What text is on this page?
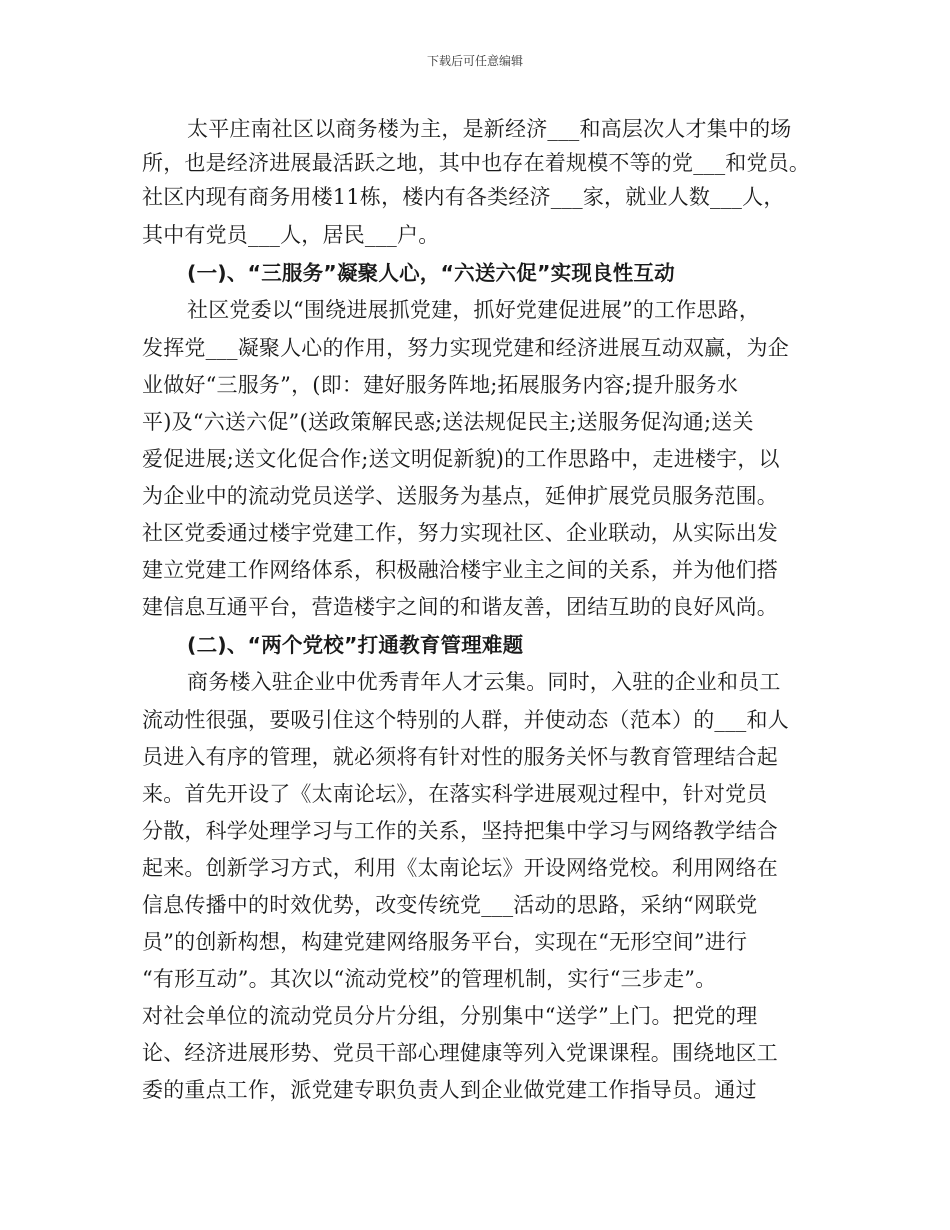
下载后可任意编辑
太平庄南社区以商务楼为主，是新经济___和高层次人才集中的场
所，也是经济进展最活跃之地，其中也存在着规模不等的党___和党员。
社区内现有商务用楼11栋，楼内有各类经济___家，就业人数___人，
其中有党员___人，居民___户。
(一)、“三服务”凝聚人心，“六送六促”实现良性互动
社区党委以“围绕进展抓党建，抓好党建促进展”的工作思路，
发挥党___凝聚人心的作用，努力实现党建和经济进展互动双赢，为企
业做好“三服务”，(即：建好服务阵地;拓展服务内容;提升服务水
平)及“六送六促”(送政策解民惑;送法规促民主;送服务促沟通;送关
爱促进展;送文化促合作;送文明促新貌)的工作思路中，走进楼宇，以
为企业中的流动党员送学、送服务为基点，延伸扩展党员服务范围。
社区党委通过楼宇党建工作，努力实现社区、企业联动，从实际出发
建立党建工作网络体系，积极融洽楼宇业主之间的关系，并为他们搭
建信息互通平台，营造楼宇之间的和谐友善，团结互助的良好风尚。
(二)、“两个党校”打通教育管理难题
商务楼入驻企业中优秀青年人才云集。同时，入驻的企业和员工
流动性很强，要吸引住这个特别的人群，并使动态（范本）的___和人
员进入有序的管理，就必须将有针对性的服务关怀与教育管理结合起
来。首先开设了《太南论坛》，在落实科学进展观过程中，针对党员
分散，科学处理学习与工作的关系，坚持把集中学习与网络教学结合
起来。创新学习方式，利用《太南论坛》开设网络党校。利用网络在
信息传播中的时效优势，改变传统党___活动的思路，采纳“网联党
员”的创新构想，构建党建网络服务平台，实现在“无形空间”进行
“有形互动”。其次以“流动党校”的管理机制，实行“三步走”。
对社会单位的流动党员分片分组，分别集中“送学”上门。把党的理
论、经济进展形势、党员干部心理健康等列入党课课程。围绕地区工
委的重点工作，派党建专职负责人到企业做党建工作指导员。通过
